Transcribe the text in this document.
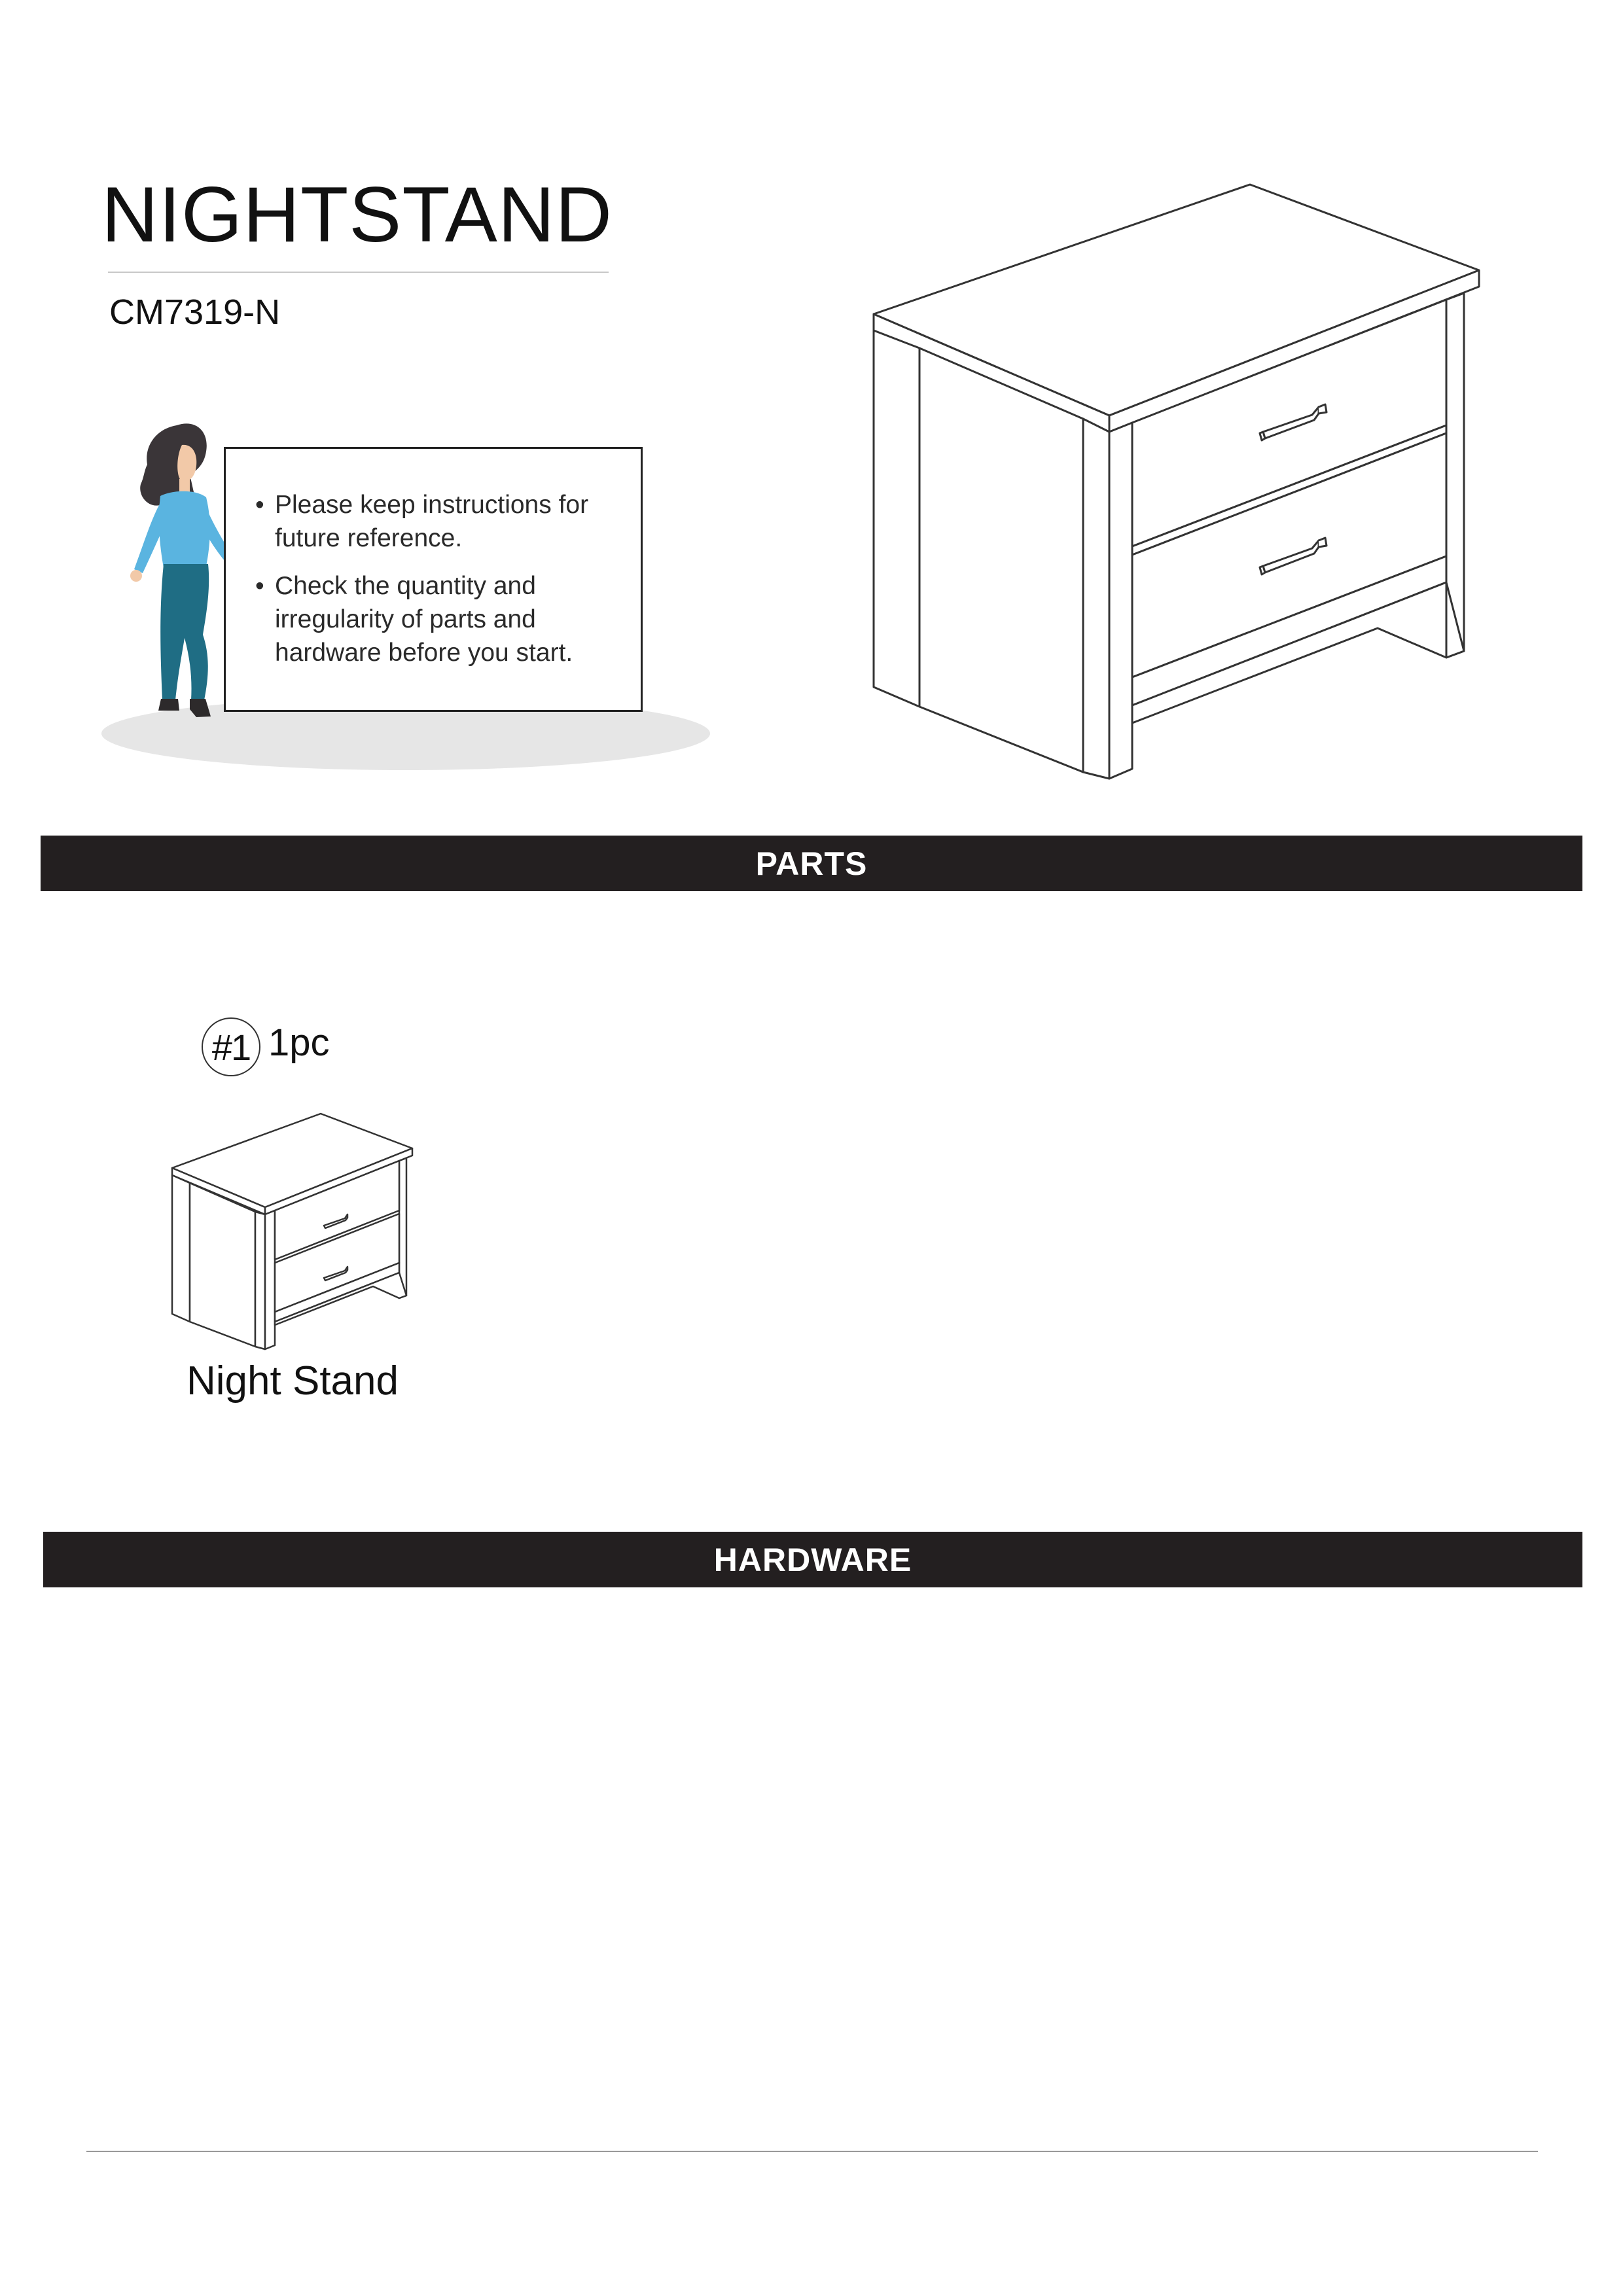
NIGHTSTAND
CM7319-N
• Please keep instructions for future reference.
• Check the quantity and irregularity of parts and hardware before you start.
PARTS
#1 1pc
Night Stand
HARDWARE
